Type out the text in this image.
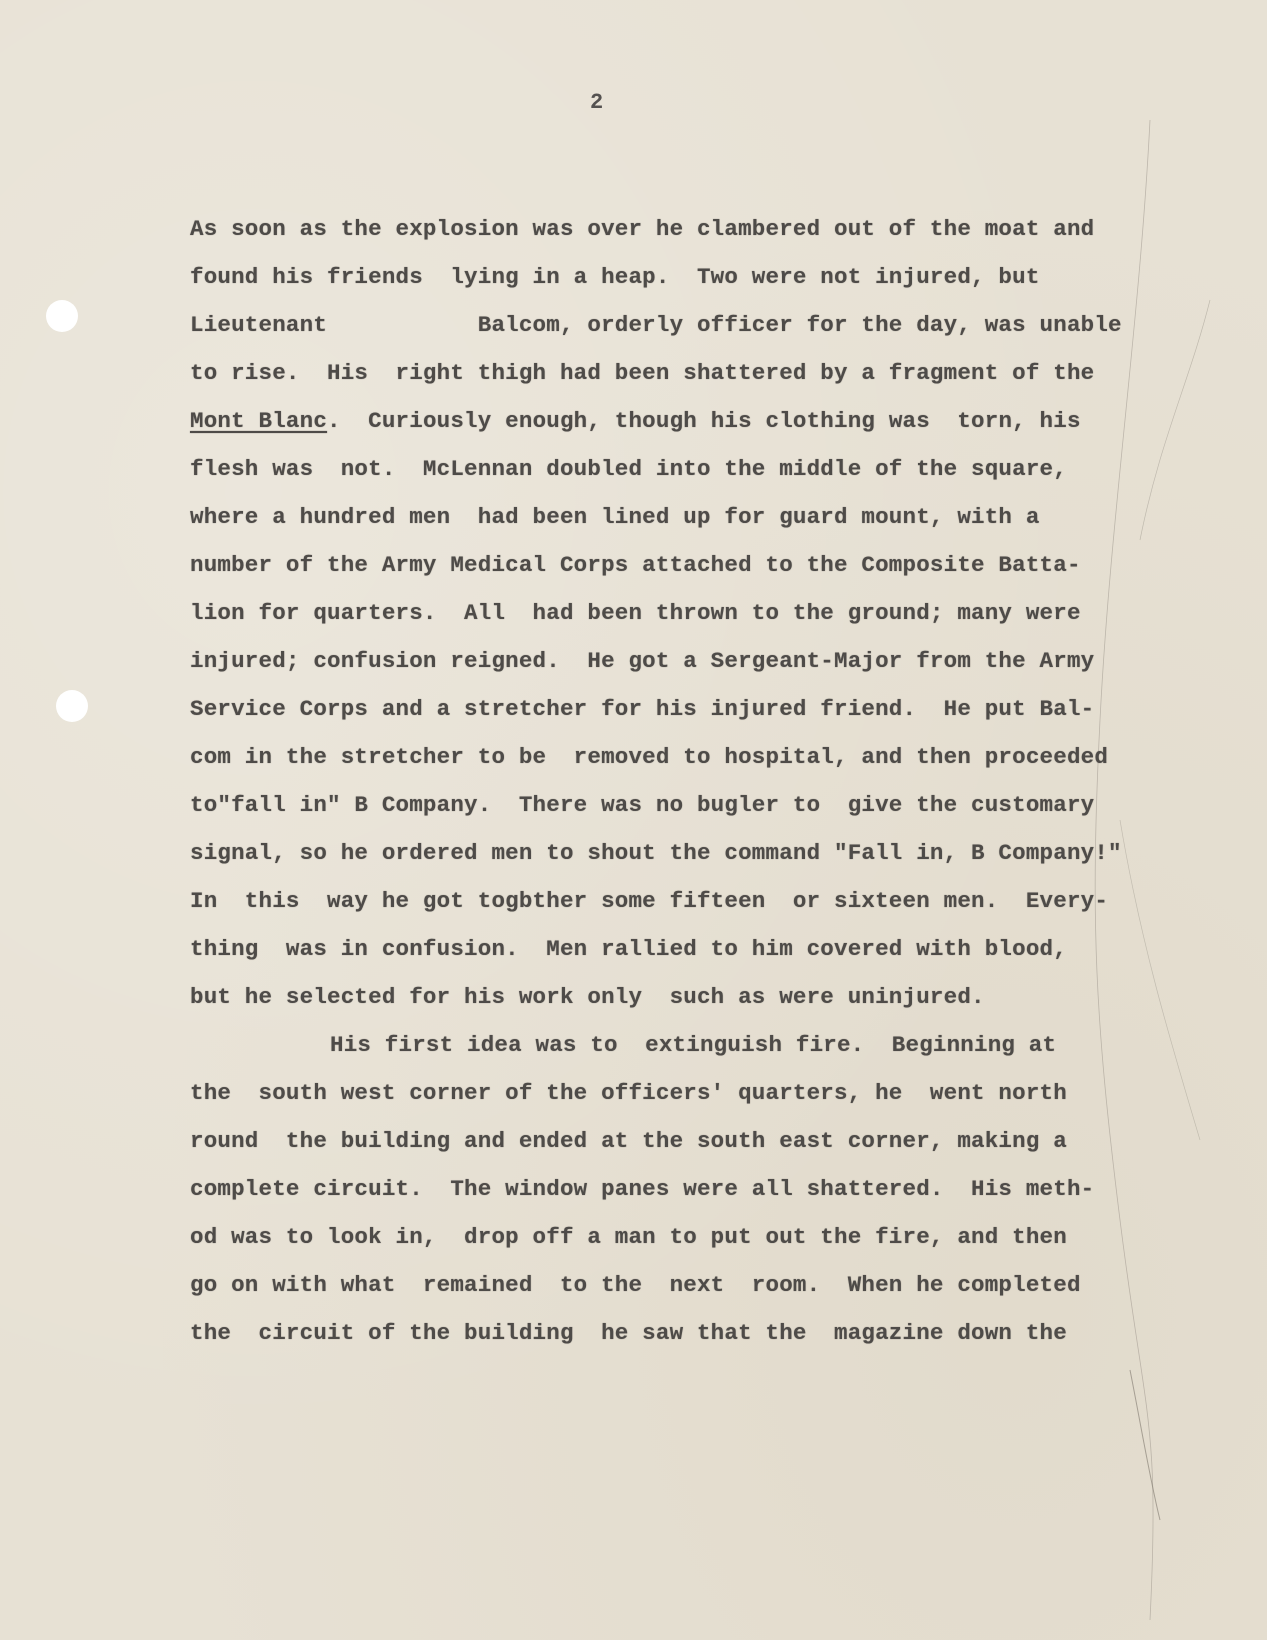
2
As soon as the explosion was over he clambered out of the moat and
found his friends  lying in a heap.  Two were not injured, but
Lieutenant           Balcom, orderly officer for the day, was unable
to rise.  His  right thigh had been shattered by a fragment of the
Mont Blanc.  Curiously enough, though his clothing was  torn, his
flesh was  not.  McLennan doubled into the middle of the square,
where a hundred men  had been lined up for guard mount, with a
number of the Army Medical Corps attached to the Composite Batta-
lion for quarters.  All  had been thrown to the ground; many were
injured; confusion reigned.  He got a Sergeant-Major from the Army
Service Corps and a stretcher for his injured friend.  He put Bal-
com in the stretcher to be  removed to hospital, and then proceeded
to"fall in" B Company.  There was no bugler to  give the customary
signal, so he ordered men to shout the command "Fall in, B Company!"
In  this  way he got togbther some fifteen  or sixteen men.  Every-
thing  was in confusion.  Men rallied to him covered with blood,
but he selected for his work only  such as were uninjured.
His first idea was to  extinguish fire.  Beginning at
the  south west corner of the officers' quarters, he  went north
round  the building and ended at the south east corner, making a
complete circuit.  The window panes were all shattered.  His meth-
od was to look in,  drop off a man to put out the fire, and then
go on with what  remained  to the  next  room.  When he completed
the  circuit of the building  he saw that the  magazine down the
